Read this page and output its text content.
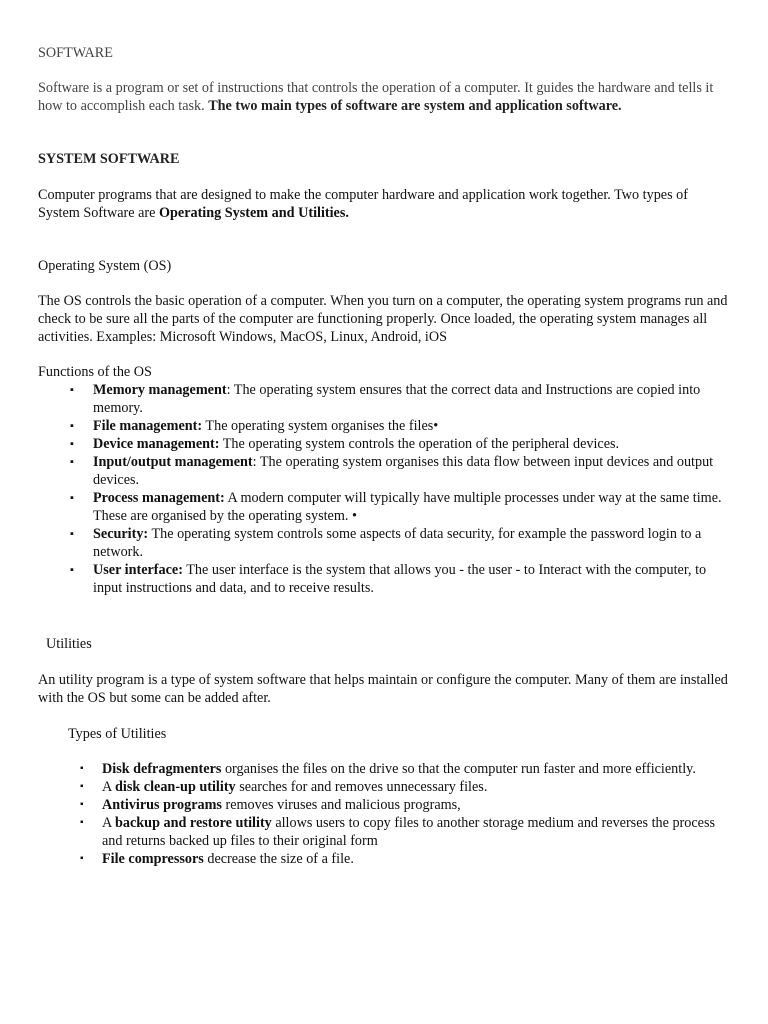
SOFTWARE

Software is a program or set of instructions that controls the operation of a computer. It guides the hardware and tells it how to accomplish each task. The two main types of software are system and application software.

SYSTEM SOFTWARE

Computer programs that are designed to make the computer hardware and application work together. Two types of System Software are Operating System and Utilities.

Operating System (OS)

The OS controls the basic operation of a computer. When you turn on a computer, the operating system programs run and check to be sure all the parts of the computer are functioning properly. Once loaded, the operating system manages all activities. Examples: Microsoft Windows, MacOS, Linux, Android, iOS

Functions of the OS

▪ Memory management: The operating system ensures that the correct data and Instructions are copied into memory.
▪ File management: The operating system organises the files•
▪ Device management: The operating system controls the operation of the peripheral devices.
▪ Input/output management: The operating system organises this data flow between input devices and output devices.
▪ Process management: A modern computer will typically have multiple processes under way at the same time. These are organised by the operating system. •
▪ Security: The operating system controls some aspects of data security, for example the password login to a network.
▪ User interface: The user interface is the system that allows you - the user - to Interact with the computer, to input instructions and data, and to receive results.

Utilities

An utility program is a type of system software that helps maintain or configure the computer. Many of them are installed with the OS but some can be added after.

Types of Utilities

▪ Disk defragmenters organises the files on the drive so that the computer run faster and more efficiently.
▪ A disk clean-up utility searches for and removes unnecessary files.
▪ Antivirus programs removes viruses and malicious programs,
▪ A backup and restore utility allows users to copy files to another storage medium and reverses the process and returns backed up files to their original form
▪ File compressors decrease the size of a file.
